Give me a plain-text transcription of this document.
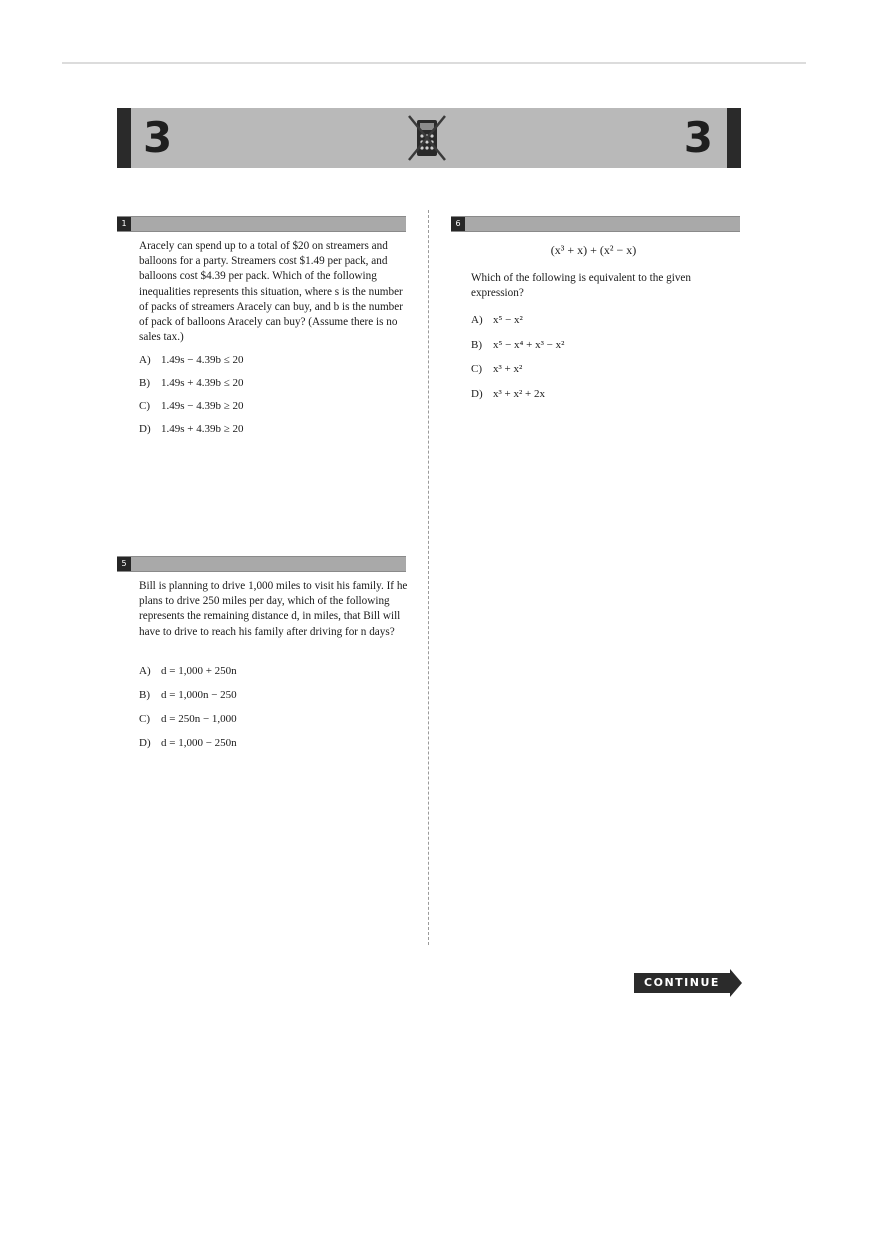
3	3
1
Aracely can spend up to a total of $20 on streamers and balloons for a party. Streamers cost $1.49 per pack, and balloons cost $4.39 per pack. Which of the following inequalities represents this situation, where s is the number of packs of streamers Aracely can buy, and b is the number of pack of balloons Aracely can buy? (Assume there is no sales tax.)
A) 1.49s − 4.39b ≤ 20
B) 1.49s + 4.39b ≤ 20
C) 1.49s − 4.39b ≥ 20
D) 1.49s + 4.39b ≥ 20
5
Bill is planning to drive 1,000 miles to visit his family. If he plans to drive 250 miles per day, which of the following represents the remaining distance d, in miles, that Bill will have to drive to reach his family after driving for n days?
A) d = 1,000 + 250n
B) d = 1,000n − 250
C) d = 250n − 1,000
D) d = 1,000 − 250n
6
(x³ + x) + (x² − x)
Which of the following is equivalent to the given expression?
A) x⁵ − x²
B) x⁵ − x⁴ + x³ − x²
C) x³ + x²
D) x³ + x² + 2x
CONTINUE
